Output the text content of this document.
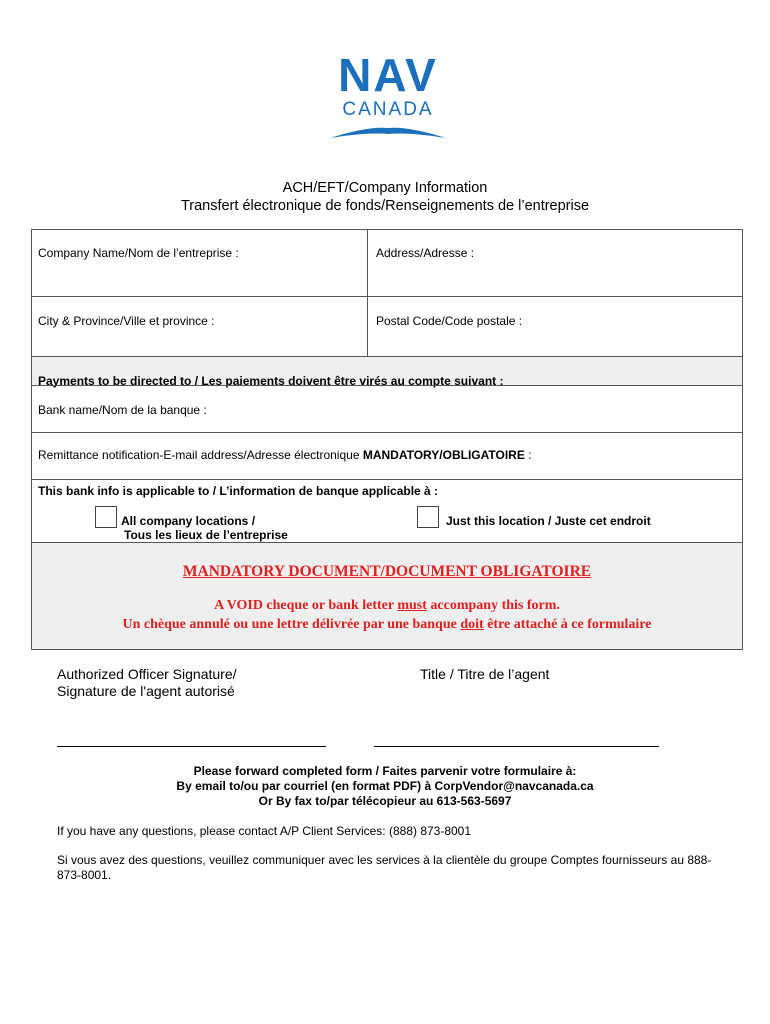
NAV
CANADA
ACH/EFT/Company Information
Transfert électronique de fonds/Renseignements de l’entreprise
Company Name/Nom de l’entreprise :	Address/Adresse :
City & Province/Ville et province :	Postal Code/Code postale :
Payments to be directed to / Les paiements doivent être virés au compte suivant :
Bank name/Nom de la banque :
Remittance notification-E-mail address/Adresse électronique MANDATORY/OBLIGATOIRE :
This bank info is applicable to / L’information de banque applicable à :
All company locations /
Tous les lieux de l’entreprise
Just this location / Juste cet endroit
MANDATORY DOCUMENT/DOCUMENT OBLIGATOIRE
A VOID cheque or bank letter must accompany this form.
Un chèque annulé ou une lettre délivrée par une banque doit être attaché à ce formulaire
Authorized Officer Signature/
Signature de l'agent autorisé
Title / Titre de l’agent
Please forward completed form / Faites parvenir votre formulaire à:
By email to/ou par courriel (en format PDF) à CorpVendor@navcanada.ca
Or By fax to/par télécopieur au 613-563-5697
If you have any questions, please contact A/P Client Services: (888) 873-8001
Si vous avez des questions, veuillez communiquer avec les services à la clientèle du groupe Comptes fournisseurs au 888-873-8001.
